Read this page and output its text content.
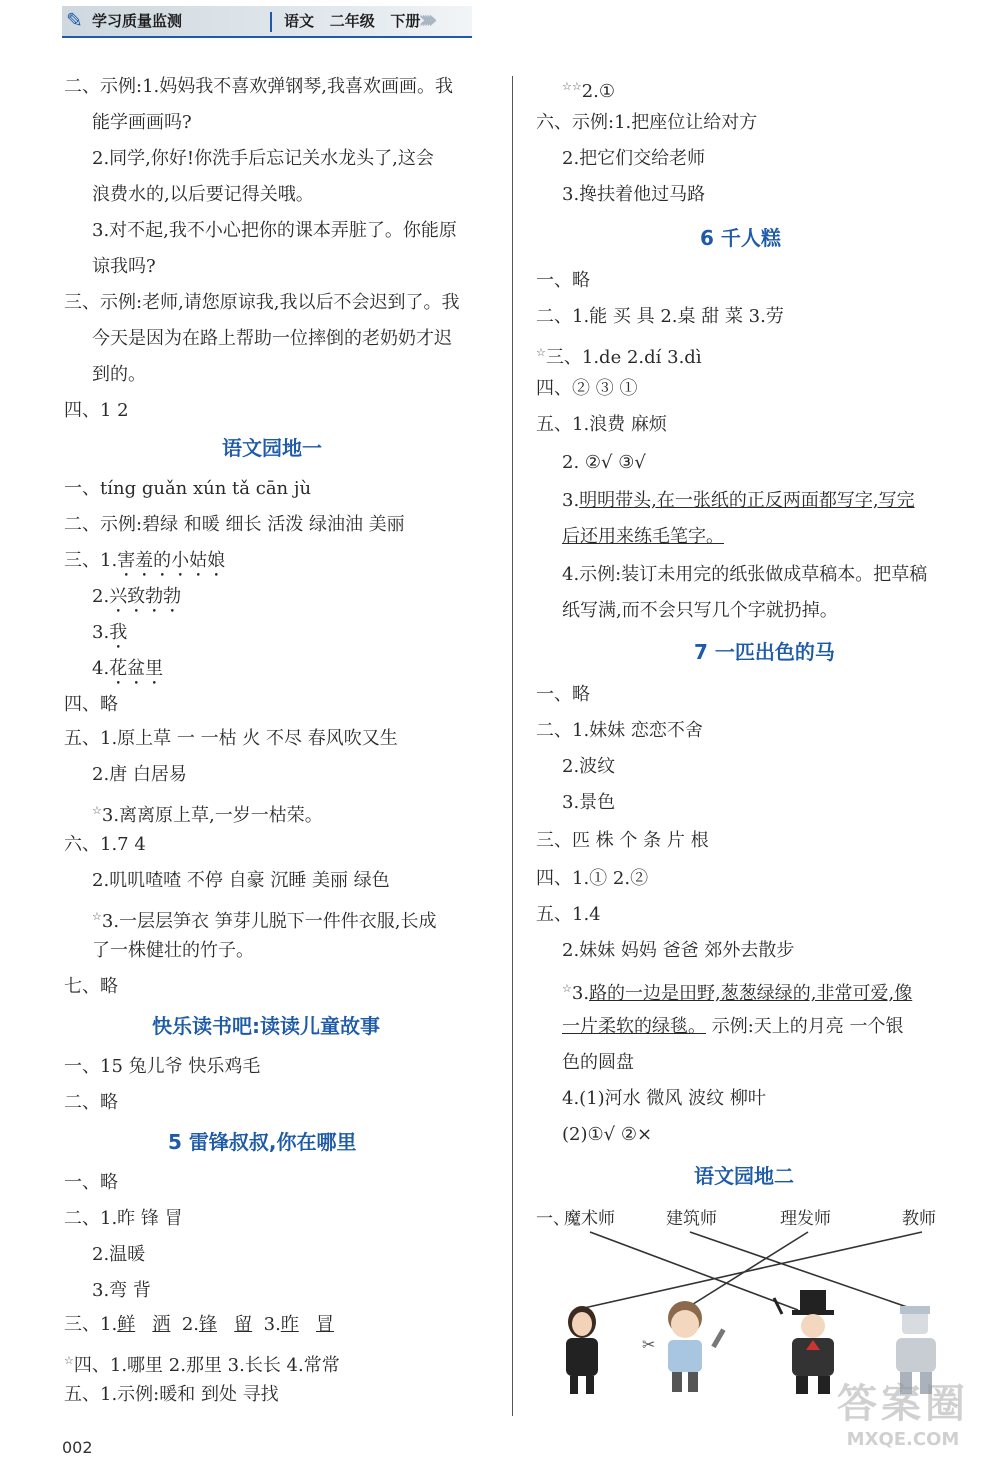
✎ 学习质量监测	语文 二年级 下册
›››››
二、示例:1.妈妈我不喜欢弹钢琴,我喜欢画画。我
能学画画吗?
2.同学,你好!你洗手后忘记关水龙头了,这会
浪费水的,以后要记得关哦。
3.对不起,我不小心把你的课本弄脏了。你能原
谅我吗?
三、示例:老师,请您原谅我,我以后不会迟到了。我
今天是因为在路上帮助一位摔倒的老奶奶才迟
到的。
四、1 2
语文园地一
一、tíng guǎn xún tǎ cān jù
二、示例:碧绿 和暖 细长 活泼 绿油油 美丽
三、1.害羞的小姑娘
2.兴致勃勃
3.我
4.花盆里
四、略
五、1.原上草 一 一枯 火 不尽 春风吹又生
2.唐 白居易
☆3.离离原上草,一岁一枯荣。
六、1.7 4
2.叽叽喳喳 不停 自豪 沉睡 美丽 绿色
☆3.一层层笋衣 笋芽儿脱下一件件衣服,长成
了一株健壮的竹子。
七、略
快乐读书吧:读读儿童故事
一、15 兔儿爷 快乐鸡毛
二、略
5 雷锋叔叔,你在哪里
一、略
二、1.昨 锋 冒
2.温暖
3.弯 背
三、1.鲜 洒 2.锋 留 3.昨 冒
☆四、1.哪里 2.那里 3.长长 4.常常
五、1.示例:暖和 到处 寻找
☆☆2.①
六、示例:1.把座位让给对方
2.把它们交给老师
3.搀扶着他过马路
6 千人糕
一、略
二、1.能 买 具 2.桌 甜 菜 3.劳
☆三、1.de 2.dí 3.dì
四、② ③ ①
五、1.浪费 麻烦
2. ②√ ③√
3.明明带头,在一张纸的正反两面都写字,写完
后还用来练毛笔字。
4.示例:装订未用完的纸张做成草稿本。把草稿
纸写满,而不会只写几个字就扔掉。
7 一匹出色的马
一、略
二、1.妹妹 恋恋不舍
2.波纹
3.景色
三、匹 株 个 条 片 根
四、1.① 2.②
五、1.4
2.妹妹 妈妈 爸爸 郊外去散步
☆3.路的一边是田野,葱葱绿绿的,非常可爱,像
一片柔软的绿毯。 示例:天上的月亮 一个银
色的圆盘
4.(1)河水 微风 波纹 柳叶
(2)①√ ②×
语文园地二
一、
魔术师	建筑师	理发师	教师
✂
002
答案圈
MXQE.COM
